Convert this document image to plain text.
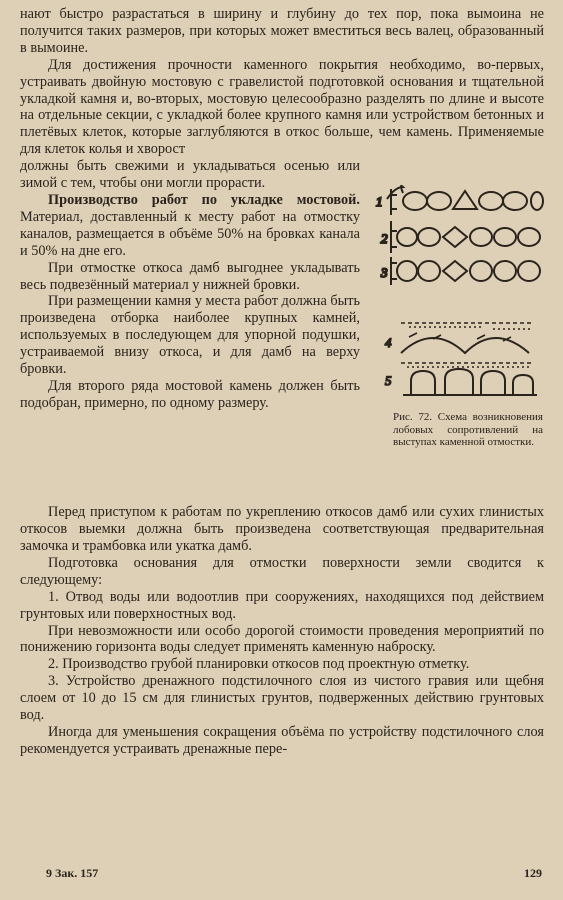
нают быстро разрастаться в ширину и глубину до тех пор, пока вымоина не получится таких размеров, при которых может вместиться весь валец, образованный в вымоине.

Для достижения прочности каменного покрытия необходимо, во-первых, устраивать двойную мостовую с гравелистой подготовкой основания и тщательной укладкой камня и, во-вторых, мостовую целесообразно разделять по длине и высоте на отдельные секции, с укладкой более крупного камня или устройством бетонных и плетёвых клеток, которые заглубляются в откос больше, чем камень. Применяемые для клеток колья и хворост

должны быть свежими и укладываться осенью или зимой с тем, чтобы они могли прорасти.

Производство работ по укладке мостовой. Материал, доставленный к месту работ на отмостку каналов, размещается в объёме 50% на бровках канала и 50% на дне его.

При отмостке откоса дамб выгоднее укладывать весь подвезённый материал у нижней бровки.

При размещении камня у места работ должна быть произведена отборка наиболее крупных камней, используемых в последующем для упорной подушки, устраиваемой внизу откоса, и для дамб на верху бровки.

Для второго ряда мостовой камень должен быть подобран, примерно, по одному размеру.

1
2
3
4
5
Рис. 72. Схема возникновения лобовых сопротивлений на выступах каменной отмостки.

Перед приступом к работам по укреплению откосов дамб или сухих глинистых откосов выемки должна быть произведена соответствующая предварительная замочка и трамбовка или укатка дамб.

Подготовка основания для отмостки поверхности земли сводится к следующему:

1. Отвод воды или водоотлив при сооружениях, находящихся под действием грунтовых или поверхностных вод.

При невозможности или особо дорогой стоимости проведения мероприятий по понижению горизонта воды следует применять каменную наброску.

2. Производство грубой планировки откосов под проектную отметку.

3. Устройство дренажного подстилочного слоя из чистого гравия или щебня слоем от 10 до 15 см для глинистых грунтов, подверженных действию грунтовых вод.

Иногда для уменьшения сокращения объёма по устройству подстилочного слоя рекомендуется устраивать дренажные пере-

9 Зак. 157	129
